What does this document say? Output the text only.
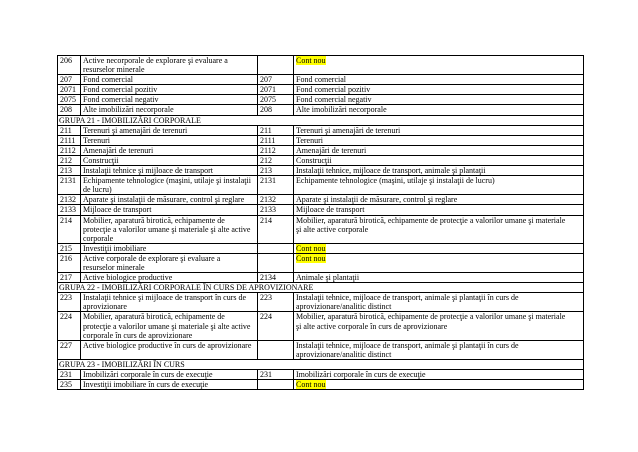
206	Active necorporale de explorare şi evaluare a
resurselor minerale		Cont nou
207	Fond comercial	207	Fond comercial
2071	Fond comercial pozitiv	2071	Fond comercial pozitiv
2075	Fond comercial negativ	2075	Fond comercial negativ
208	Alte imobilizări necorporale	208	Alte imobilizări necorporale
GRUPA 21 - IMOBILIZĂRI CORPORALE			
211	Terenuri şi amenajări de terenuri	211	Terenuri şi amenajări de terenuri
2111	Terenuri	2111	Terenuri
2112	Amenajări de terenuri	2112	Amenajări de terenuri
212	Construcţii	212	Construcţii
213	Instalaţii tehnice şi mijloace de transport	213	Instalaţii tehnice, mijloace de transport, animale şi plantaţii
2131	Echipamente tehnologice (maşini, utilaje şi instalaţii
de lucru)	2131	Echipamente tehnologice (maşini, utilaje şi instalaţii de lucru)
2132	Aparate şi instalaţii de măsurare, control şi reglare	2132	Aparate şi instalaţii de măsurare, control şi reglare
2133	Mijloace de transport	2133	Mijloace de transport
214	Mobilier, aparatură birotică, echipamente de
protecţie a valorilor umane şi materiale şi alte active
corporale	214	Mobilier, aparatură birotică, echipamente de protecţie a valorilor umane şi materiale
şi alte active corporale

215	Investiţii imobiliare		Cont nou
216	Active corporale de explorare şi evaluare a
resurselor minerale		Cont nou
217	Active biologice productive	2134	Animale şi plantaţii
GRUPA 22 - IMOBILIZĂRI CORPORALE ÎN CURS DE APROVIZIONARE			
223	Instalaţii tehnice şi mijloace de transport în curs de
aprovizionare	223	Instalaţii tehnice, mijloace de transport, animale şi plantaţii în curs de
aprovizionare/analitic distinct

224	Mobilier, aparatură birotică, echipamente de
protecţie a valorilor umane şi materiale şi alte active
corporale în curs de aprovizionare	224	Mobilier, aparatură birotică, echipamente de protecţie a valorilor umane şi materiale
şi alte active corporale în curs de aprovizionare

227	Active biologice productive în curs de aprovizionare		Instalaţii tehnice, mijloace de transport, animale şi plantaţii în curs de
aprovizionare/analitic distinct

GRUPA 23 - IMOBILIZĂRI ÎN CURS			
231	Imobilizări corporale în curs de execuţie	231	Imobilizări corporale în curs de execuţie
235	Investiţii imobiliare în curs de execuţie		Cont nou
